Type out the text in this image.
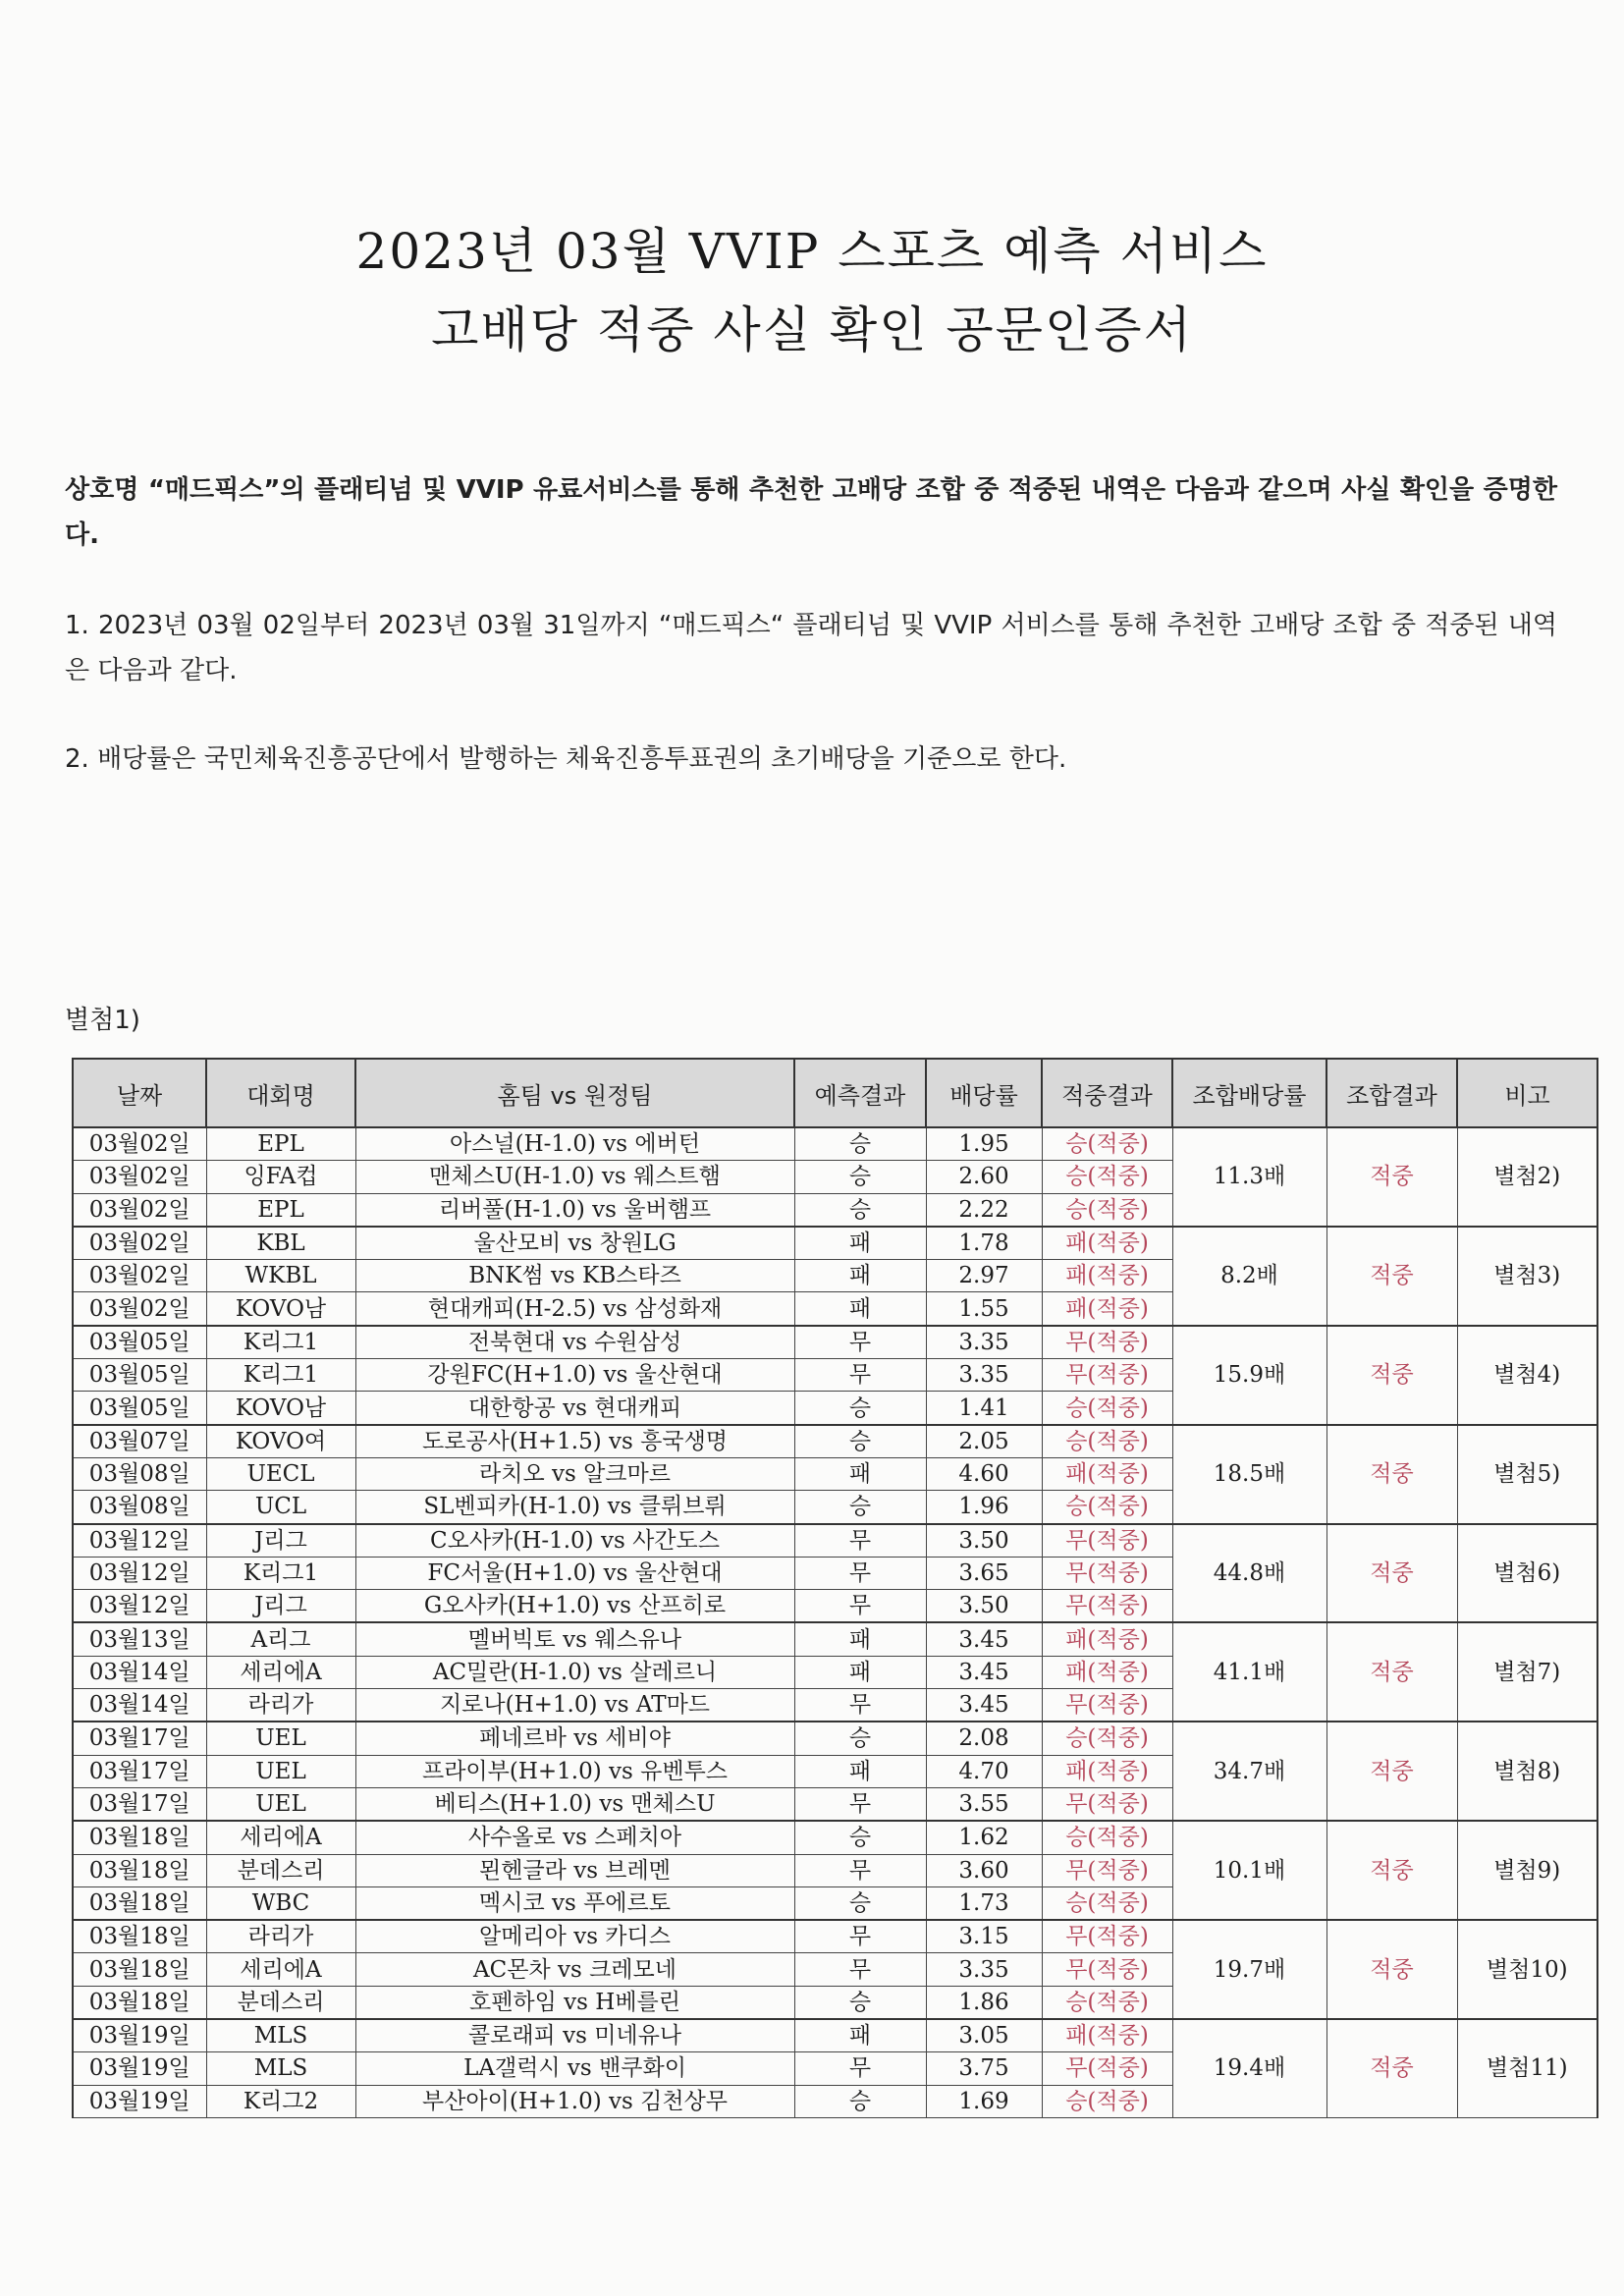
2023년 03월 VVIP 스포츠 예측 서비스
고배당 적중 사실 확인 공문인증서
상호명 “매드픽스”의 플래티넘 및 VVIP 유료서비스를 통해 추천한 고배당 조합 중 적중된 내역은 다음과 같으며 사실 확인을 증명한다.
1. 2023년 03월 02일부터 2023년 03월 31일까지 “매드픽스“ 플래티넘 및 VVIP 서비스를 통해 추천한 고배당 조합 중 적중된 내역은 다음과 같다.
2. 배당률은 국민체육진흥공단에서 발행하는 체육진흥투표권의 초기배당을 기준으로 한다.
별첨1)
날짜	대회명	홈팀 vs 원정팀	예측결과	배당률	적중결과	조합배당률	조합결과	비고
03월02일	EPL	아스널(H-1.0) vs 에버턴	승	1.95	승(적중)	11.3배	적중	별첨2)
03월02일	잉FA컵	맨체스U(H-1.0) vs 웨스트햄	승	2.60	승(적중)			
03월02일	EPL	리버풀(H-1.0) vs 울버햄프	승	2.22	승(적중)			
03월02일	KBL	울산모비 vs 창원LG	패	1.78	패(적중)	8.2배	적중	별첨3)
03월02일	WKBL	BNK썸 vs KB스타즈	패	2.97	패(적중)			
03월02일	KOVO남	현대캐피(H-2.5) vs 삼성화재	패	1.55	패(적중)			
03월05일	K리그1	전북현대 vs 수원삼성	무	3.35	무(적중)	15.9배	적중	별첨4)
03월05일	K리그1	강원FC(H+1.0) vs 울산현대	무	3.35	무(적중)			
03월05일	KOVO남	대한항공 vs 현대캐피	승	1.41	승(적중)			
03월07일	KOVO여	도로공사(H+1.5) vs 흥국생명	승	2.05	승(적중)	18.5배	적중	별첨5)
03월08일	UECL	라치오 vs 알크마르	패	4.60	패(적중)			
03월08일	UCL	SL벤피카(H-1.0) vs 클뤼브뤼	승	1.96	승(적중)			
03월12일	J리그	C오사카(H-1.0) vs 사간도스	무	3.50	무(적중)	44.8배	적중	별첨6)
03월12일	K리그1	FC서울(H+1.0) vs 울산현대	무	3.65	무(적중)			
03월12일	J리그	G오사카(H+1.0) vs 산프히로	무	3.50	무(적중)			
03월13일	A리그	멜버빅토 vs 웨스유나	패	3.45	패(적중)	41.1배	적중	별첨7)
03월14일	세리에A	AC밀란(H-1.0) vs 살레르니	패	3.45	패(적중)			
03월14일	라리가	지로나(H+1.0) vs AT마드	무	3.45	무(적중)			
03월17일	UEL	페네르바 vs 세비야	승	2.08	승(적중)	34.7배	적중	별첨8)
03월17일	UEL	프라이부(H+1.0) vs 유벤투스	패	4.70	패(적중)			
03월17일	UEL	베티스(H+1.0) vs 맨체스U	무	3.55	무(적중)			
03월18일	세리에A	사수올로 vs 스페치아	승	1.62	승(적중)	10.1배	적중	별첨9)
03월18일	분데스리	묀헨글라 vs 브레멘	무	3.60	무(적중)			
03월18일	WBC	멕시코 vs 푸에르토	승	1.73	승(적중)			
03월18일	라리가	알메리아 vs 카디스	무	3.15	무(적중)	19.7배	적중	별첨10)
03월18일	세리에A	AC몬차 vs 크레모네	무	3.35	무(적중)			
03월18일	분데스리	호펜하임 vs H베를린	승	1.86	승(적중)			
03월19일	MLS	콜로래피 vs 미네유나	패	3.05	패(적중)	19.4배	적중	별첨11)
03월19일	MLS	LA갤럭시 vs 밴쿠화이	무	3.75	무(적중)			
03월19일	K리그2	부산아이(H+1.0) vs 김천상무	승	1.69	승(적중)			
